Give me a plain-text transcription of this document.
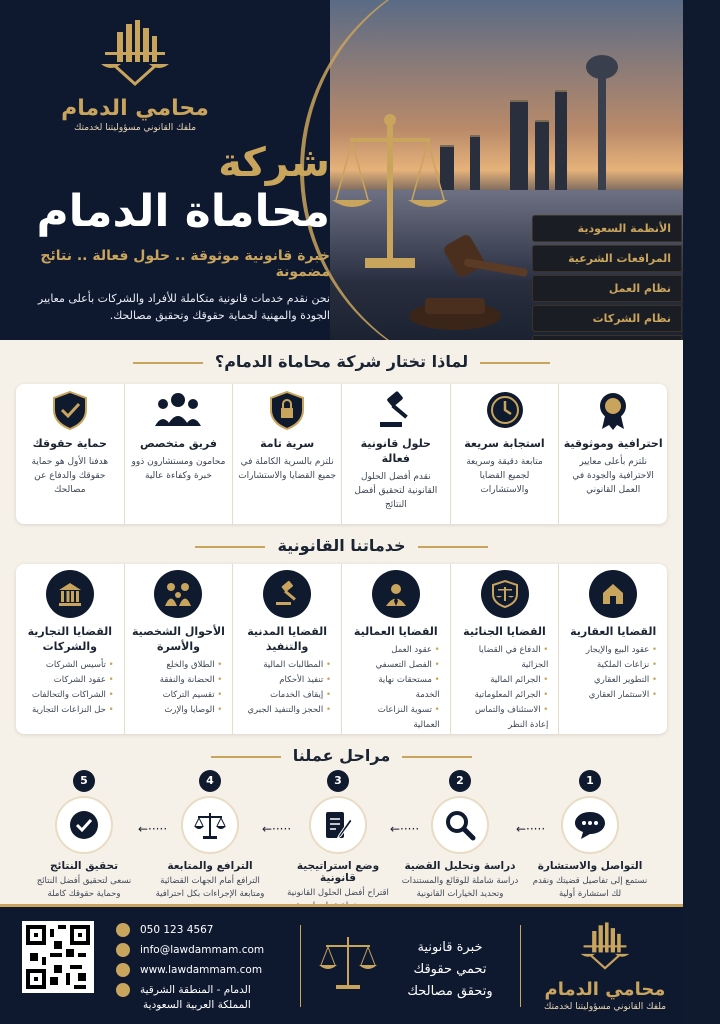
الأنظمة السعودية
المرافعات الشرعية
نظام العمل
نظام الشركات
محامي الدمام
ملفك القانوني مسؤوليتنا لخدمتك
شركة
محاماة الدمام
خبرة قانونية موثوقة .. حلول فعالة .. نتائج مضمونة
نحن نقدم خدمات قانونية متكاملة للأفراد والشركات بأعلى معايير الجودة والمهنية لحماية حقوقك وتحقيق مصالحك.
لماذا تختار شركة محاماة الدمام؟
احترافية وموثوقية
نلتزم بأعلى معايير الاحترافية والجودة في العمل القانوني
استجابة سريعة
متابعة دقيقة وسريعة لجميع القضايا والاستشارات
حلول قانونية فعالة
نقدم أفضل الحلول القانونية لتحقيق أفضل النتائج
سرية تامة
نلتزم بالسرية الكاملة في جميع القضايا والاستشارات
فريق متخصص
محامون ومستشارون ذوو خبرة وكفاءة عالية
حماية حقوقك
هدفنا الأول هو حماية حقوقك والدفاع عن مصالحك
خدماتنا القانونية
القضايا العقارية
• عقود البيع والإيجار
• نزاعات الملكية
• التطوير العقاري
• الاستثمار العقاري
القضايا الجنائية
• الدفاع في القضايا الجزائية
• الجرائم المالية
• الجرائم المعلوماتية
• الاستئناف والتماس إعادة النظر
القضايا العمالية
• عقود العمل
• الفصل التعسفي
• مستحقات نهاية الخدمة
• تسوية النزاعات العمالية
القضايا المدنية والتنفيذ
• المطالبات المالية
• تنفيذ الأحكام
• إيقاف الخدمات
• الحجز والتنفيذ الجبري
الأحوال الشخصية والأسرة
• الطلاق والخلع
• الحضانة والنفقة
• تقسيم التركات
• الوصايا والإرث
القضايا التجارية والشركات
• تأسيس الشركات
• عقود الشركات
• الشراكات والتحالفات
• حل النزاعات التجارية
مراحل عملنا
1
التواصل والاستشارة
نستمع إلى تفاصيل قضيتك ونقدم لك استشارة أولية
←·····
2
دراسة وتحليل القضية
دراسة شاملة للوقائع والمستندات وتحديد الخيارات القانونية
←·····
3
وضع استراتيجية قانونية
اقتراح أفضل الحلول القانونية
←·····
4
الترافع والمتابعة
الترافع أمام الجهات القضائية ومتابعة الإجراءات بكل احترافية
←·····
5
تحقيق النتائج
نسعى لتحقيق أفضل النتائج وحماية حقوقك كاملة
050 123 4567
info@lawdammam.com
www.lawdammam.com
الدمام - المنطقة الشرقية
المملكة العربية السعودية
خبرة قانونية
تحمي حقوقك
وتحقق مصالحك	محامي الدمام
ملفك القانوني مسؤوليتنا لخدمتك
